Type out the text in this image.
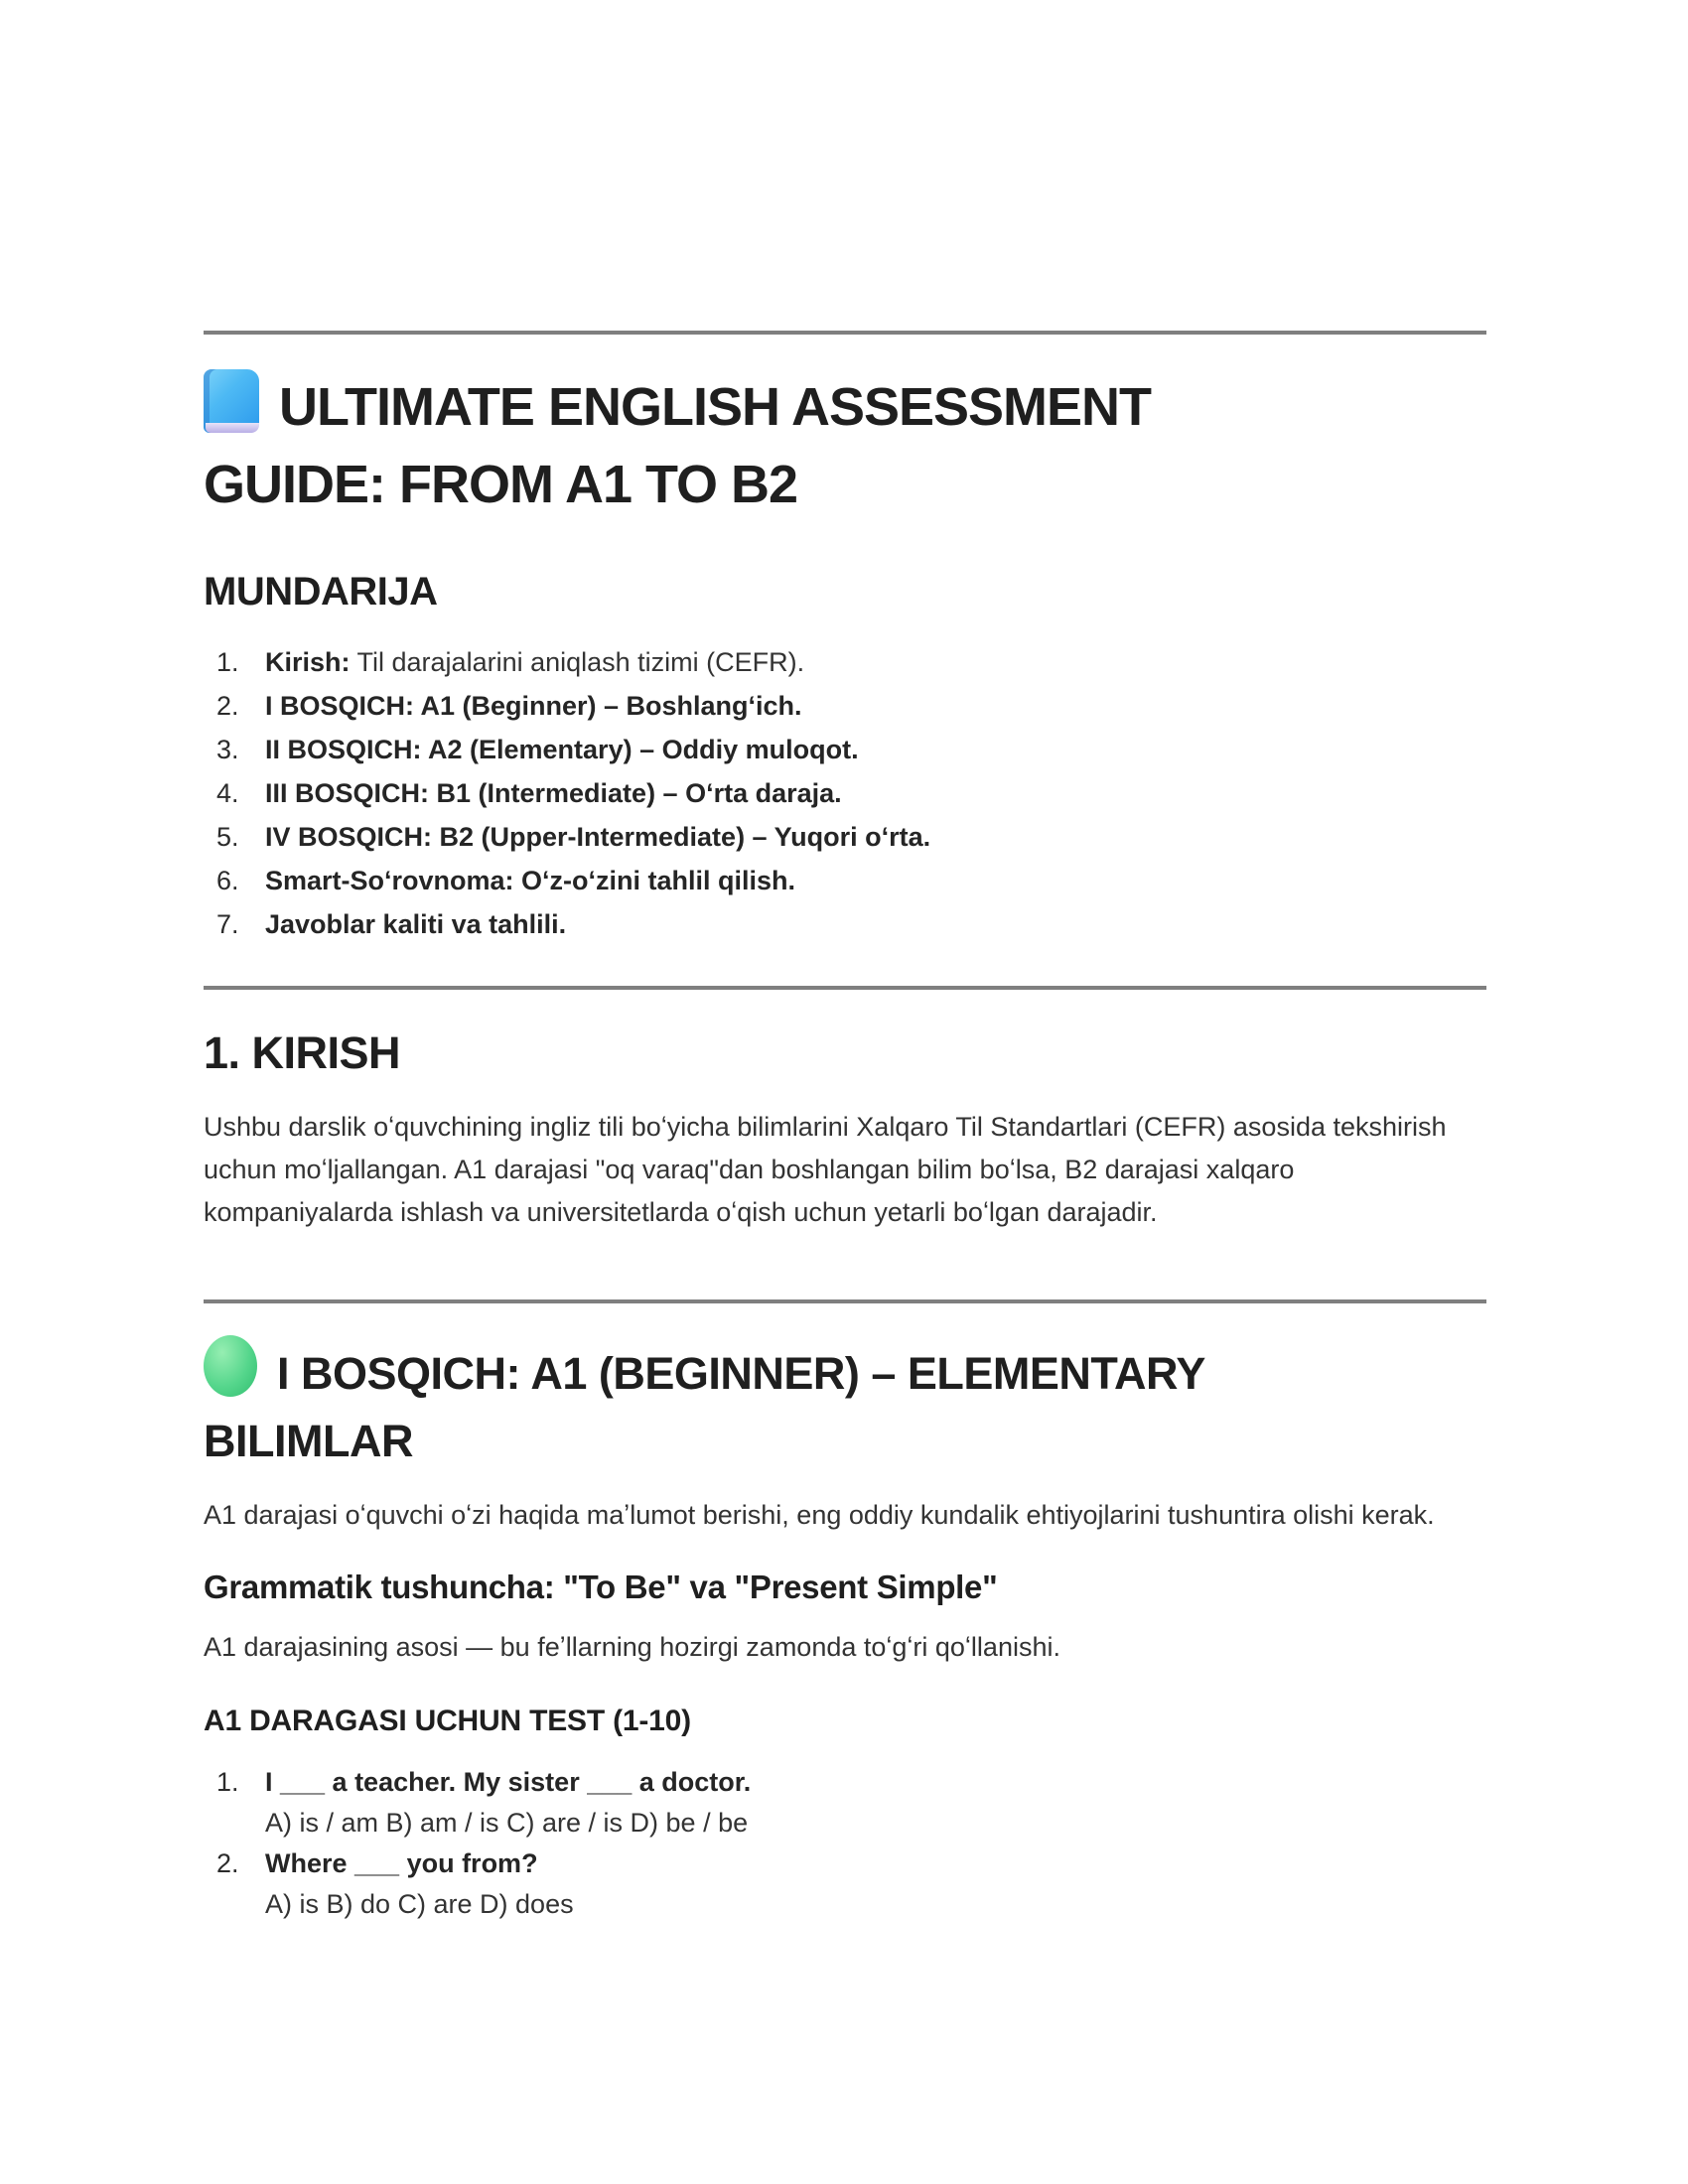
ULTIMATE ENGLISH ASSESSMENT
GUIDE: FROM A1 TO B2
MUNDARIJA
1. Kirish: Til darajalarini aniqlash tizimi (CEFR).
2. I BOSQICH: A1 (Beginner) – Boshlangʻich.
3. II BOSQICH: A2 (Elementary) – Oddiy muloqot.
4. III BOSQICH: B1 (Intermediate) – Oʻrta daraja.
5. IV BOSQICH: B2 (Upper-Intermediate) – Yuqori oʻrta.
6. Smart-Soʻrovnoma: Oʻz-oʻzini tahlil qilish.
7. Javoblar kaliti va tahlili.
1. KIRISH

Ushbu darslik oʻquvchining ingliz tili boʻyicha bilimlarini Xalqaro Til Standartlari (CEFR) asosida tekshirish uchun moʻljallangan. A1 darajasi "oq varaq"dan boshlangan bilim boʻlsa, B2 darajasi xalqaro kompaniyalarda ishlash va universitetlarda oʻqish uchun yetarli boʻlgan darajadir.

I BOSQICH: A1 (BEGINNER) – ELEMENTARY
BILIMLAR

A1 darajasi oʻquvchi oʻzi haqida maʼlumot berishi, eng oddiy kundalik ehtiyojlarini tushuntira olishi kerak.

Grammatik tushuncha: "To Be" va "Present Simple"

A1 darajasining asosi — bu feʼllarning hozirgi zamonda toʻgʻri qoʻllanishi.

A1 DARAGASI UCHUN TEST (1-10)
1. I ___ a teacher. My sister ___ a doctor.
A) is / am B) am / is C) are / is D) be / be
2. Where ___ you from?
A) is B) do C) are D) does
